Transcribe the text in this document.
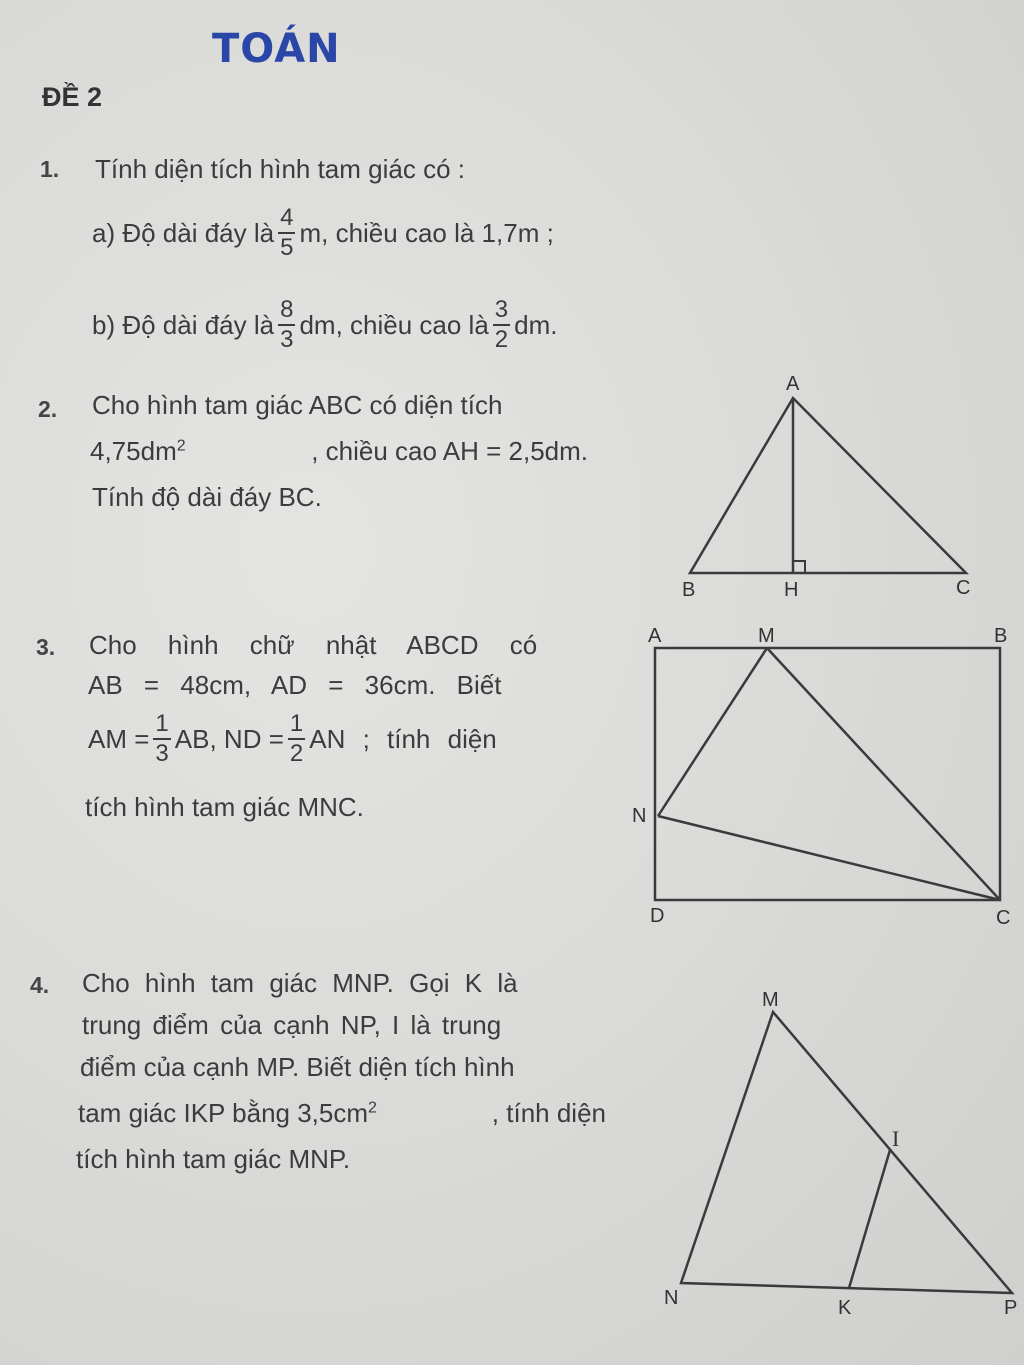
TOÁN
ĐỀ 2
1. Tính diện tích hình tam giác có :
a) Độ dài đáy là $\frac{4}{5} m$, chiều cao là 1,7m ;
b) Độ dài đáy là $\frac{8}{3}$ dm, chiều cao là $\frac{3}{2}$ dm.
2. Cho hình tam giác ABC có diện tích
$4,75dm^2$	, chiều cao AH = 2,5dm.
Tính độ dài đáy BC.
3. Cho hình chữ nhật ABCD có
AB = 48cm, AD = 36cm. Biết
AM = $\frac{1}{3}$ AB, ND = $\frac{1}{2}$ AN ; tính diện
tích hình tam giác MNC.
4. Cho hình tam giác MNP. Gọi K là
trung điểm của cạnh NP, I là trung
điểm của cạnh MP. Biết diện tích hình
tam giác IKP bằng $3,5cm^2$	, tính diện
tích hình tam giác MNP.
A
B	H	C
A	M	B
N
D	C
M
I
N	K	P
